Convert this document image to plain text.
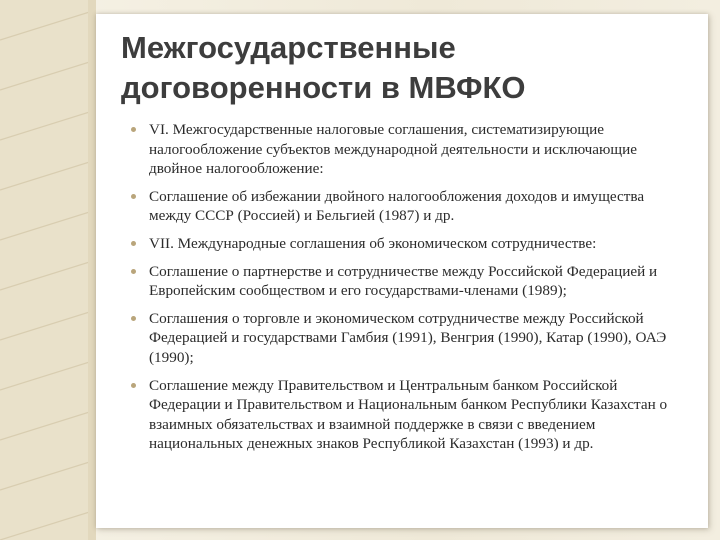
Межгосударственные
договоренности в МВФКО
VI. Межгосударственные налоговые соглашения, систематизирующие налогообложение субъектов международной деятельности и исключающие двойное налогообложение:
Соглашение об избежании двойного налогообложения доходов и имущества между СССР (Россией) и Бельгией (1987) и др.
VII. Международные соглашения об экономическом сотрудничестве:
Соглашение о партнерстве и сотрудничестве между Российской Федерацией и Европейским сообществом и его государствами-членами (1989);
Соглашения о торговле и экономическом сотрудничестве между Российской Федерацией и государствами Гамбия (1991), Венгрия (1990), Катар (1990), ОАЭ (1990);
Соглашение между Правительством и Центральным банком Российской Федерации и Правительством и Национальным банком Республики Казахстан о взаимных обязательствах и взаимной поддержке в связи с введением национальных денежных знаков Республикой Казахстан (1993) и др.
